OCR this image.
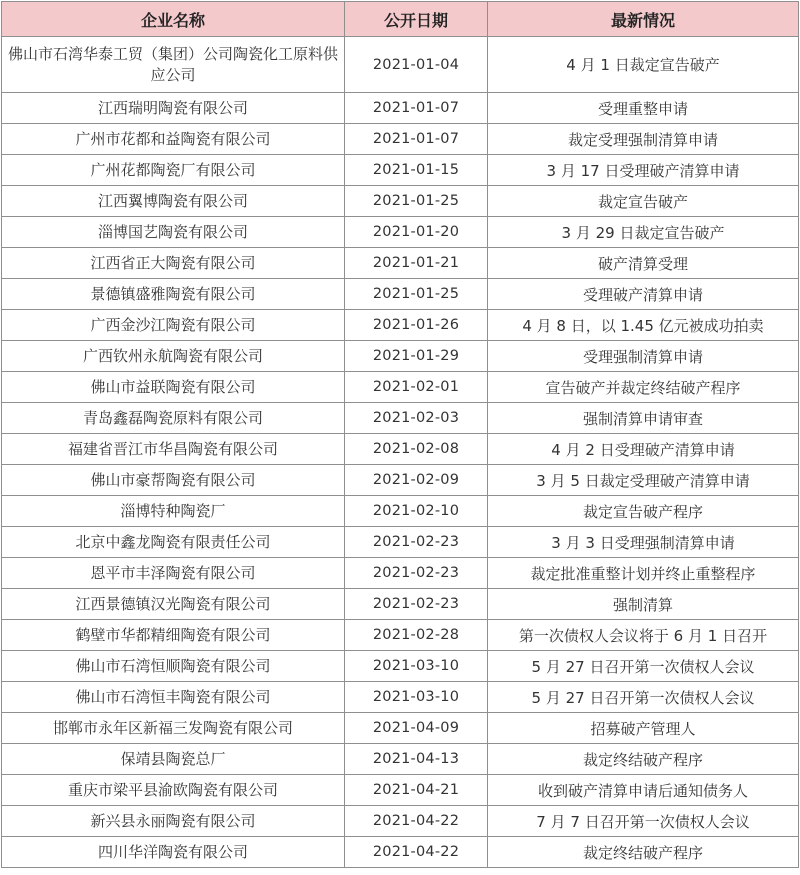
企业名称	公开日期	最新情况
佛山市石湾华泰工贸（集团）公司陶瓷化工原料供应公司	2021-01-04	4 月 1 日裁定宣告破产
江西瑞明陶瓷有限公司	2021-01-07	受理重整申请
广州市花都和益陶瓷有限公司	2021-01-07	裁定受理强制清算申请
广州花都陶瓷厂有限公司	2021-01-15	3 月 17 日受理破产清算申请
江西翼博陶瓷有限公司	2021-01-25	裁定宣告破产
淄博国艺陶瓷有限公司	2021-01-20	3 月 29 日裁定宣告破产
江西省正大陶瓷有限公司	2021-01-21	破产清算受理
景德镇盛雅陶瓷有限公司	2021-01-25	受理破产清算申请
广西金沙江陶瓷有限公司	2021-01-26	4 月 8 日，以 1.45 亿元被成功拍卖
广西钦州永航陶瓷有限公司	2021-01-29	受理强制清算申请
佛山市益联陶瓷有限公司	2021-02-01	宣告破产并裁定终结破产程序
青岛鑫磊陶瓷原料有限公司	2021-02-03	强制清算申请审查
福建省晋江市华昌陶瓷有限公司	2021-02-08	4 月 2 日受理破产清算申请
佛山市豪帮陶瓷有限公司	2021-02-09	3 月 5 日裁定受理破产清算申请
淄博特种陶瓷厂	2021-02-10	裁定宣告破产程序
北京中鑫龙陶瓷有限责任公司	2021-02-23	3 月 3 日受理强制清算申请
恩平市丰泽陶瓷有限公司	2021-02-23	裁定批准重整计划并终止重整程序
江西景德镇汉光陶瓷有限公司	2021-02-23	强制清算
鹤壁市华都精细陶瓷有限公司	2021-02-28	第一次债权人会议将于 6 月 1 日召开
佛山市石湾恒顺陶瓷有限公司	2021-03-10	5 月 27 日召开第一次债权人会议
佛山市石湾恒丰陶瓷有限公司	2021-03-10	5 月 27 日召开第一次债权人会议
邯郸市永年区新福三发陶瓷有限公司	2021-04-09	招募破产管理人
保靖县陶瓷总厂	2021-04-13	裁定终结破产程序
重庆市梁平县渝欧陶瓷有限公司	2021-04-21	收到破产清算申请后通知债务人
新兴县永丽陶瓷有限公司	2021-04-22	7 月 7 日召开第一次债权人会议
四川华洋陶瓷有限公司	2021-04-22	裁定终结破产程序
